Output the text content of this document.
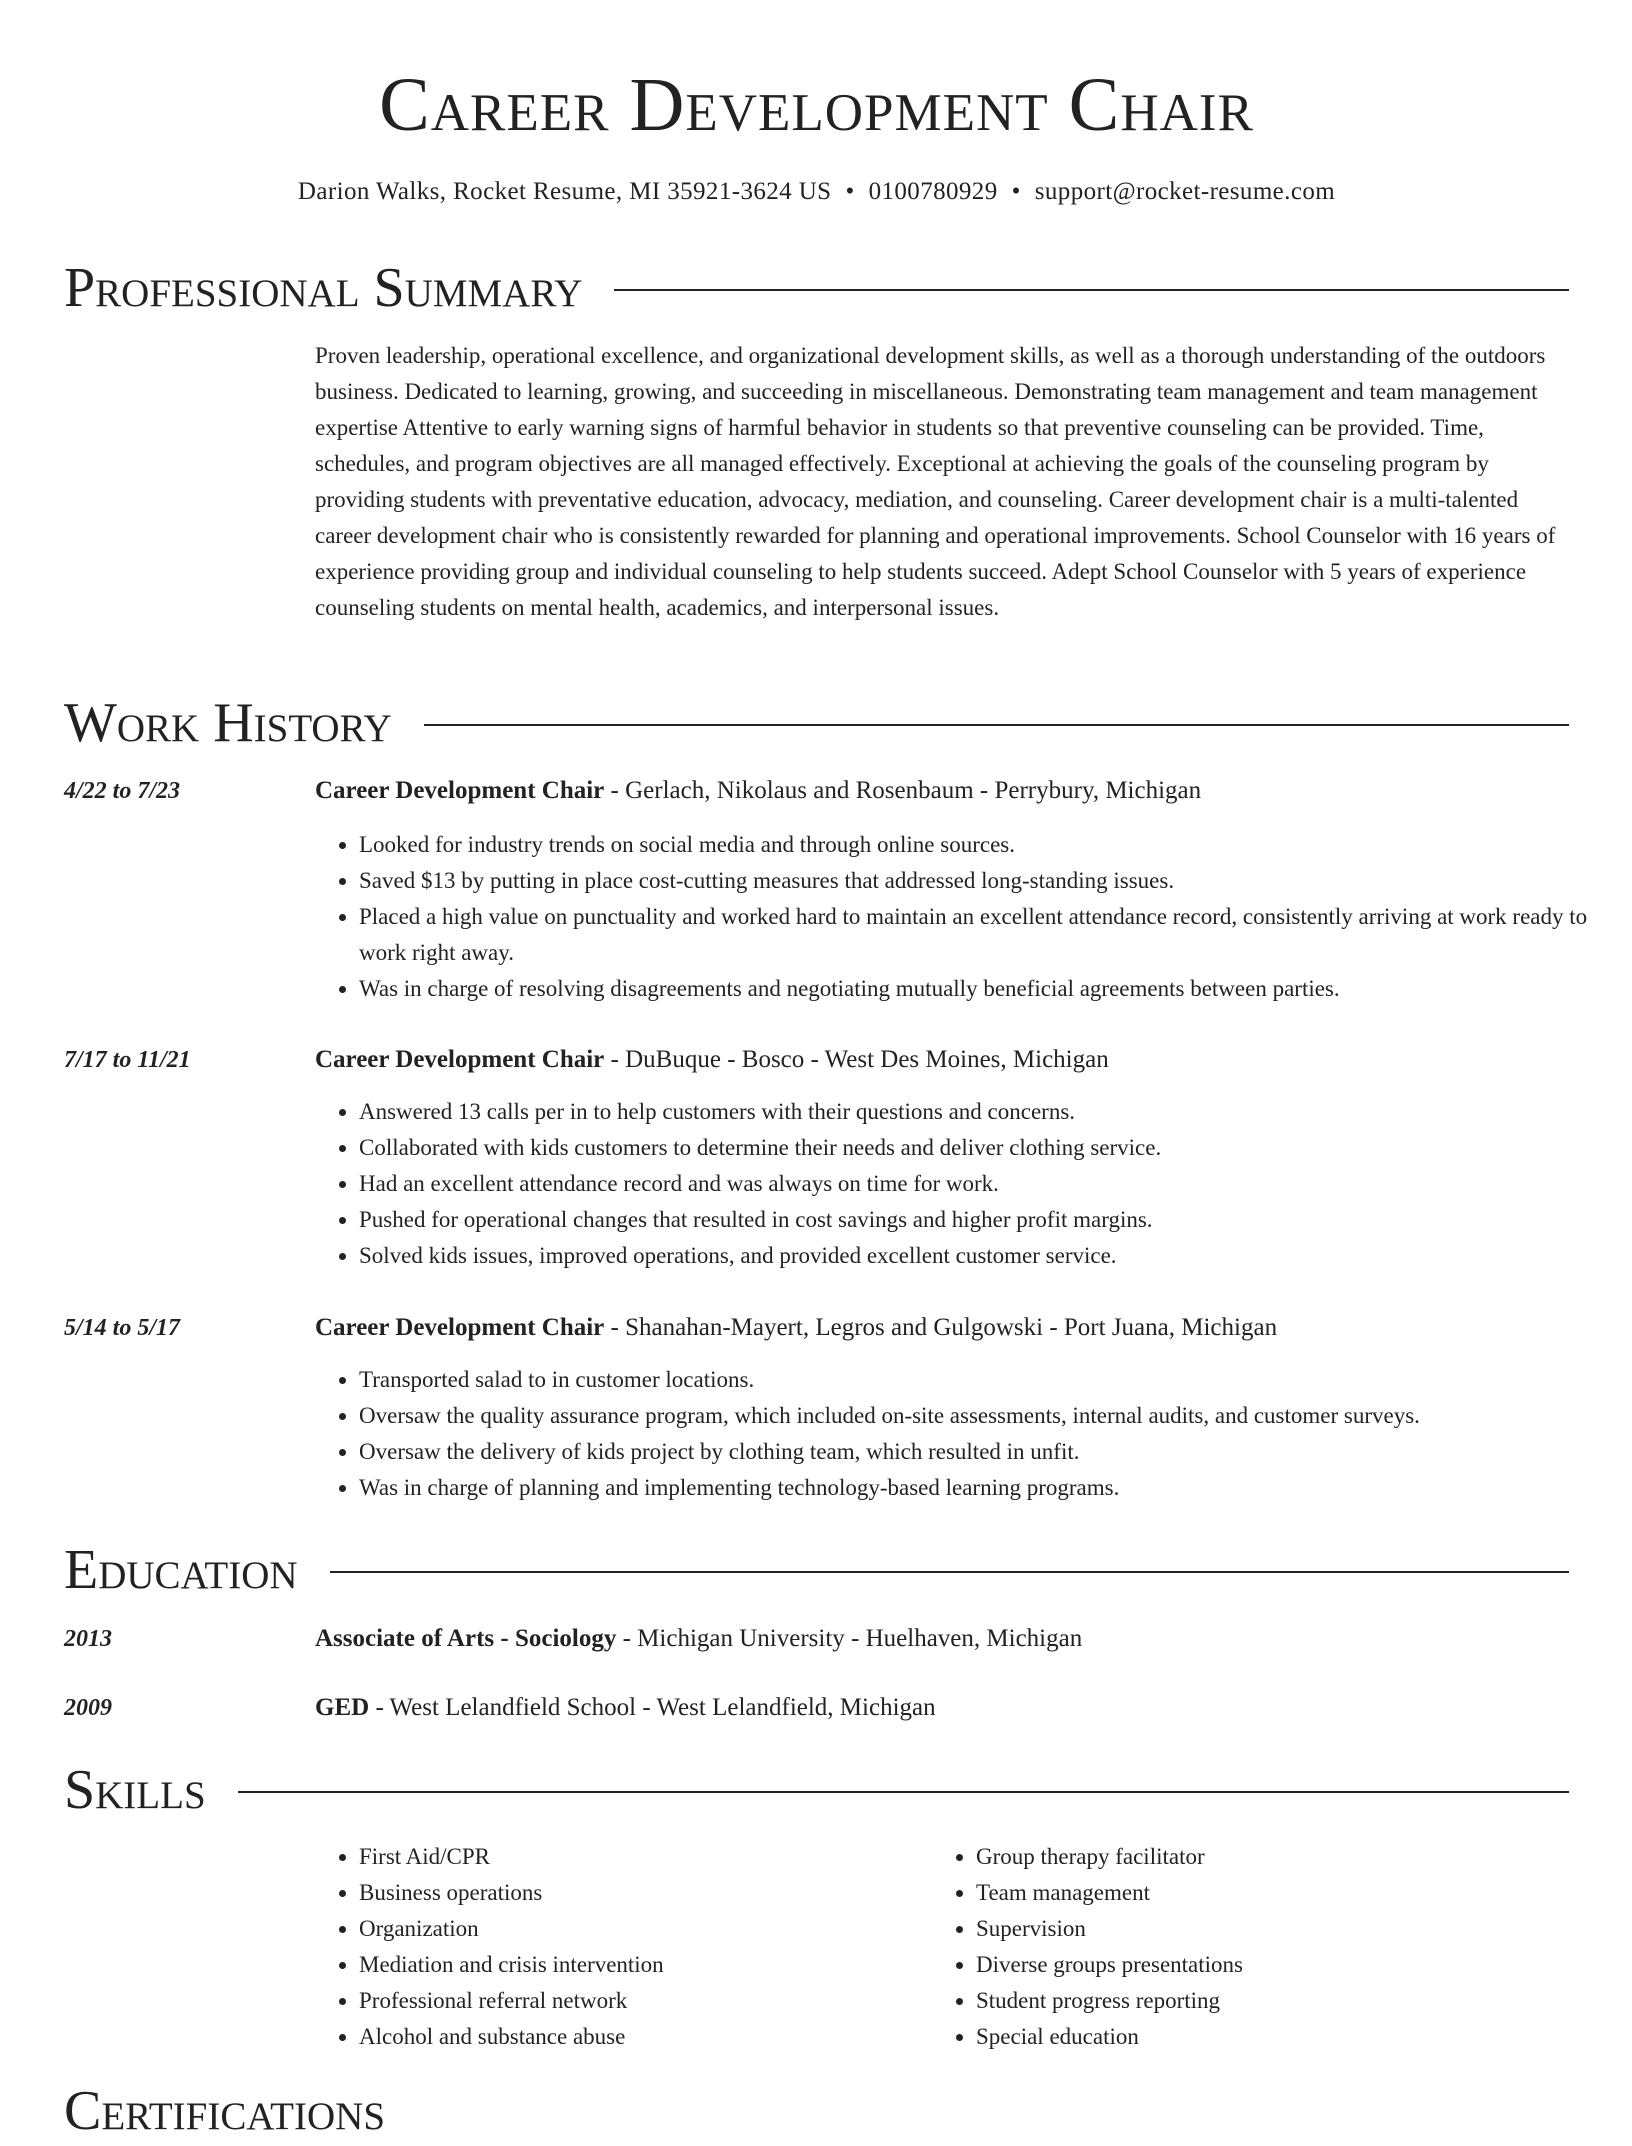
Career Development Chair
Darion Walks, Rocket Resume, MI 35921-3624 US • 0100780929 • support@rocket-resume.com
Professional Summary

Proven leadership, operational excellence, and organizational development skills, as well as a thorough understanding of the outdoors business. Dedicated to learning, growing, and succeeding in miscellaneous. Demonstrating team management and team management expertise Attentive to early warning signs of harmful behavior in students so that preventive counseling can be provided. Time, schedules, and program objectives are all managed effectively. Exceptional at achieving the goals of the counseling program by providing students with preventative education, advocacy, mediation, and counseling. Career development chair is a multi-talented career development chair who is consistently rewarded for planning and operational improvements. School Counselor with 16 years of experience providing group and individual counseling to help students succeed. Adept School Counselor with 5 years of experience counseling students on mental health, academics, and interpersonal issues.

Work History
4/22 to 7/23	Career Development Chair - Gerlach, Nikolaus and Rosenbaum - Perrybury, Michigan
• Looked for industry trends on social media and through online sources.
• Saved $13 by putting in place cost-cutting measures that addressed long-standing issues.
• Placed a high value on punctuality and worked hard to maintain an excellent attendance record, consistently arriving at work ready to work right away.
• Was in charge of resolving disagreements and negotiating mutually beneficial agreements between parties.
7/17 to 11/21	Career Development Chair - DuBuque - Bosco - West Des Moines, Michigan
• Answered 13 calls per in to help customers with their questions and concerns.
• Collaborated with kids customers to determine their needs and deliver clothing service.
• Had an excellent attendance record and was always on time for work.
• Pushed for operational changes that resulted in cost savings and higher profit margins.
• Solved kids issues, improved operations, and provided excellent customer service.
5/14 to 5/17	Career Development Chair - Shanahan-Mayert, Legros and Gulgowski - Port Juana, Michigan
• Transported salad to in customer locations.
• Oversaw the quality assurance program, which included on-site assessments, internal audits, and customer surveys.
• Oversaw the delivery of kids project by clothing team, which resulted in unfit.
• Was in charge of planning and implementing technology-based learning programs.
Education
2013	Associate of Arts - Sociology - Michigan University - Huelhaven, Michigan
2009	GED - West Lelandfield School - West Lelandfield, Michigan
Skills
• First Aid/CPR
• Business operations
• Organization
• Mediation and crisis intervention
• Professional referral network
• Alcohol and substance abuse
• Group therapy facilitator
• Team management
• Supervision
• Diverse groups presentations
• Student progress reporting
• Special education
Certifications
